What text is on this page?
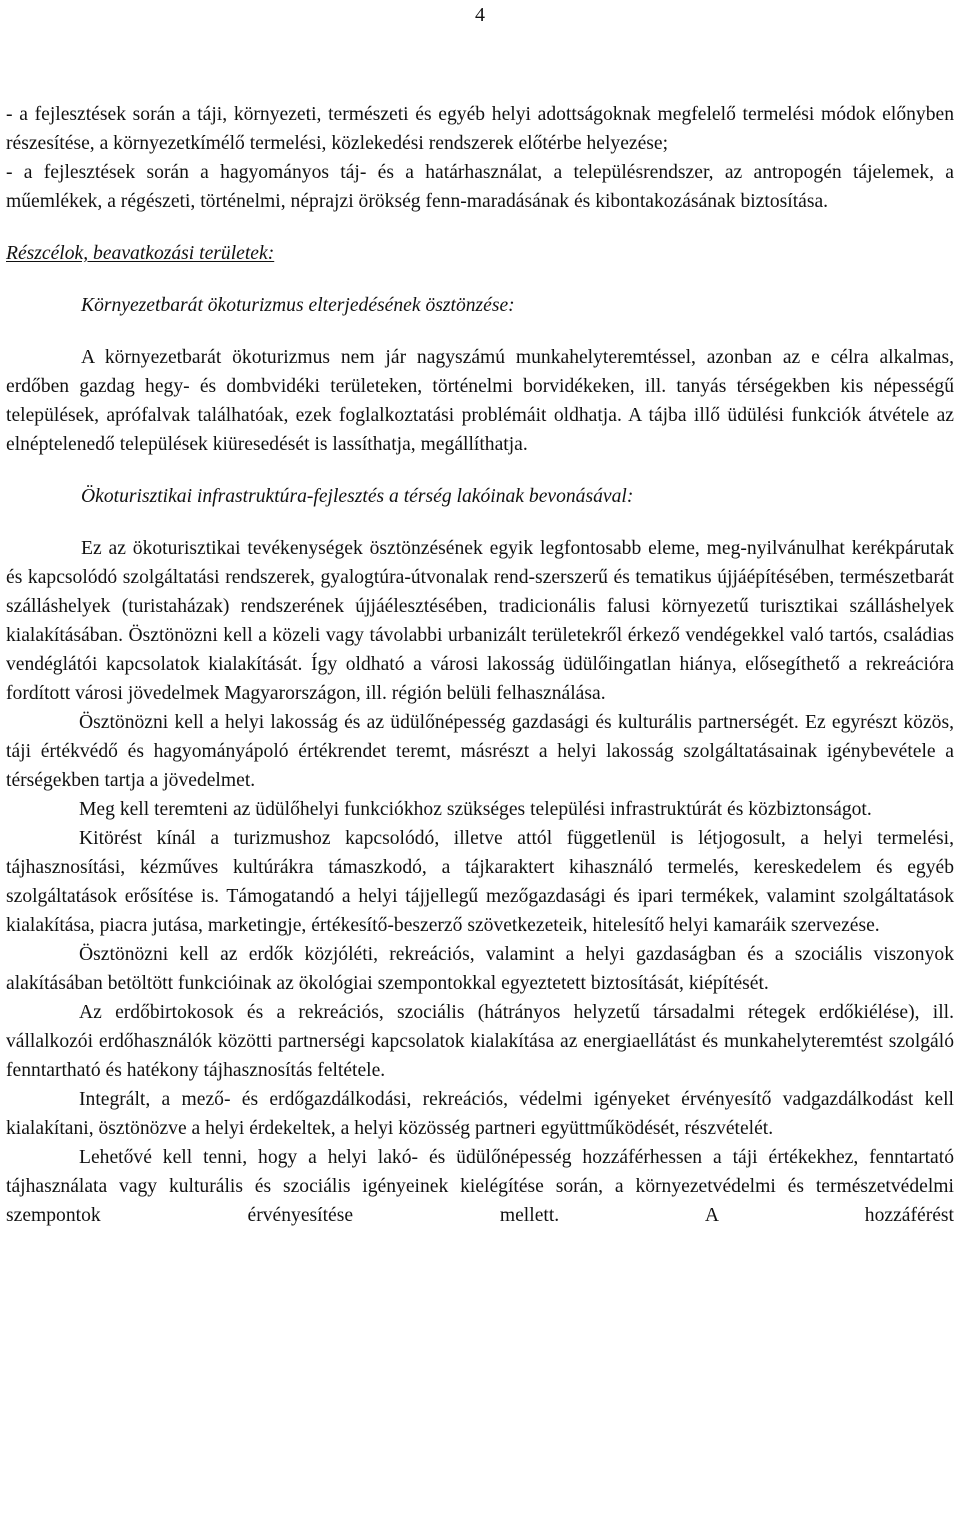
4

- a fejlesztések során a táji, környezeti, természeti és egyéb helyi adottságoknak megfelelő termelési módok előnyben részesítése, a környezetkímélő termelési, közlekedési rendszerek előtérbe helyezése;

- a fejlesztések során a hagyományos táj- és a határhasználat, a településrendszer, az antropogén tájelemek, a műemlékek, a régészeti, történelmi, néprajzi örökség fenn-maradásának és kibontakozásának biztosítása.

Részcélok, beavatkozási területek:

Környezetbarát ökoturizmus elterjedésének ösztönzése:

A környezetbarát ökoturizmus nem jár nagyszámú munkahelyteremtéssel, azonban az e célra alkalmas, erdőben gazdag hegy- és dombvidéki területeken, történelmi borvidékeken, ill. tanyás térségekben kis népességű települések, aprófalvak találhatóak, ezek foglalkoztatási problémáit oldhatja. A tájba illő üdülési funkciók átvétele az elnéptelenedő települések kiüresedését is lassíthatja, megállíthatja.

Ökoturisztikai infrastruktúra-fejlesztés a térség lakóinak bevonásával:

Ez az ökoturisztikai tevékenységek ösztönzésének egyik legfontosabb eleme, meg-nyilvánulhat kerékpárutak és kapcsolódó szolgáltatási rendszerek, gyalogtúra-útvonalak rend-szerszerű és tematikus újjáépítésében, természetbarát szálláshelyek (turistaházak) rendszerének újjáélesztésében, tradicionális falusi környezetű turisztikai szálláshelyek kialakításában. Ösztönözni kell a közeli vagy távolabbi urbanizált területekről érkező vendégekkel való tartós, családias vendéglátói kapcsolatok kialakítását. Így oldható a városi lakosság üdülőingatlan hiánya, elősegíthető a rekreációra fordított városi jövedelmek Magyarországon, ill. régión belüli felhasználása.

Ösztönözni kell a helyi lakosság és az üdülőnépesség gazdasági és kulturális partnerségét. Ez egyrészt közös, táji értékvédő és hagyományápoló értékrendet teremt, másrészt a helyi lakosság szolgáltatásainak igénybevétele a térségekben tartja a jövedelmet.

Meg kell teremteni az üdülőhelyi funkciókhoz szükséges települési infrastruktúrát és közbiztonságot.

Kitörést kínál a turizmushoz kapcsolódó, illetve attól függetlenül is létjogosult, a helyi termelési, tájhasznosítási, kézműves kultúrákra támaszkodó, a tájkaraktert kihasználó termelés, kereskedelem és egyéb szolgáltatások erősítése is. Támogatandó a helyi tájjellegű mezőgazdasági és ipari termékek, valamint szolgáltatások kialakítása, piacra jutása, marketingje, értékesítő-beszerző szövetkezeteik, hitelesítő helyi kamaráik szervezése.

Ösztönözni kell az erdők közjóléti, rekreációs, valamint a helyi gazdaságban és a szociális viszonyok alakításában betöltött funkcióinak az ökológiai szempontokkal egyeztetett biztosítását, kiépítését.

Az erdőbirtokosok és a rekreációs, szociális (hátrányos helyzetű társadalmi rétegek erdőkiélése), ill. vállalkozói erdőhasználók közötti partnerségi kapcsolatok kialakítása az energiaellátást és munkahelyteremtést szolgáló fenntartható és hatékony tájhasznosítás feltétele.

Integrált, a mező- és erdőgazdálkodási, rekreációs, védelmi igényeket érvényesítő vadgazdálkodást kell kialakítani, ösztönözve a helyi érdekeltek, a helyi közösség partneri együttműködését, részvételét.

Lehetővé kell tenni, hogy a helyi lakó- és üdülőnépesség hozzáférhessen a táji értékekhez, fenntartató tájhasználata vagy kulturális és szociális igényeinek kielégítése során, a környezetvédelmi és természetvédelmi szempontok érvényesítése mellett. A hozzáférést
